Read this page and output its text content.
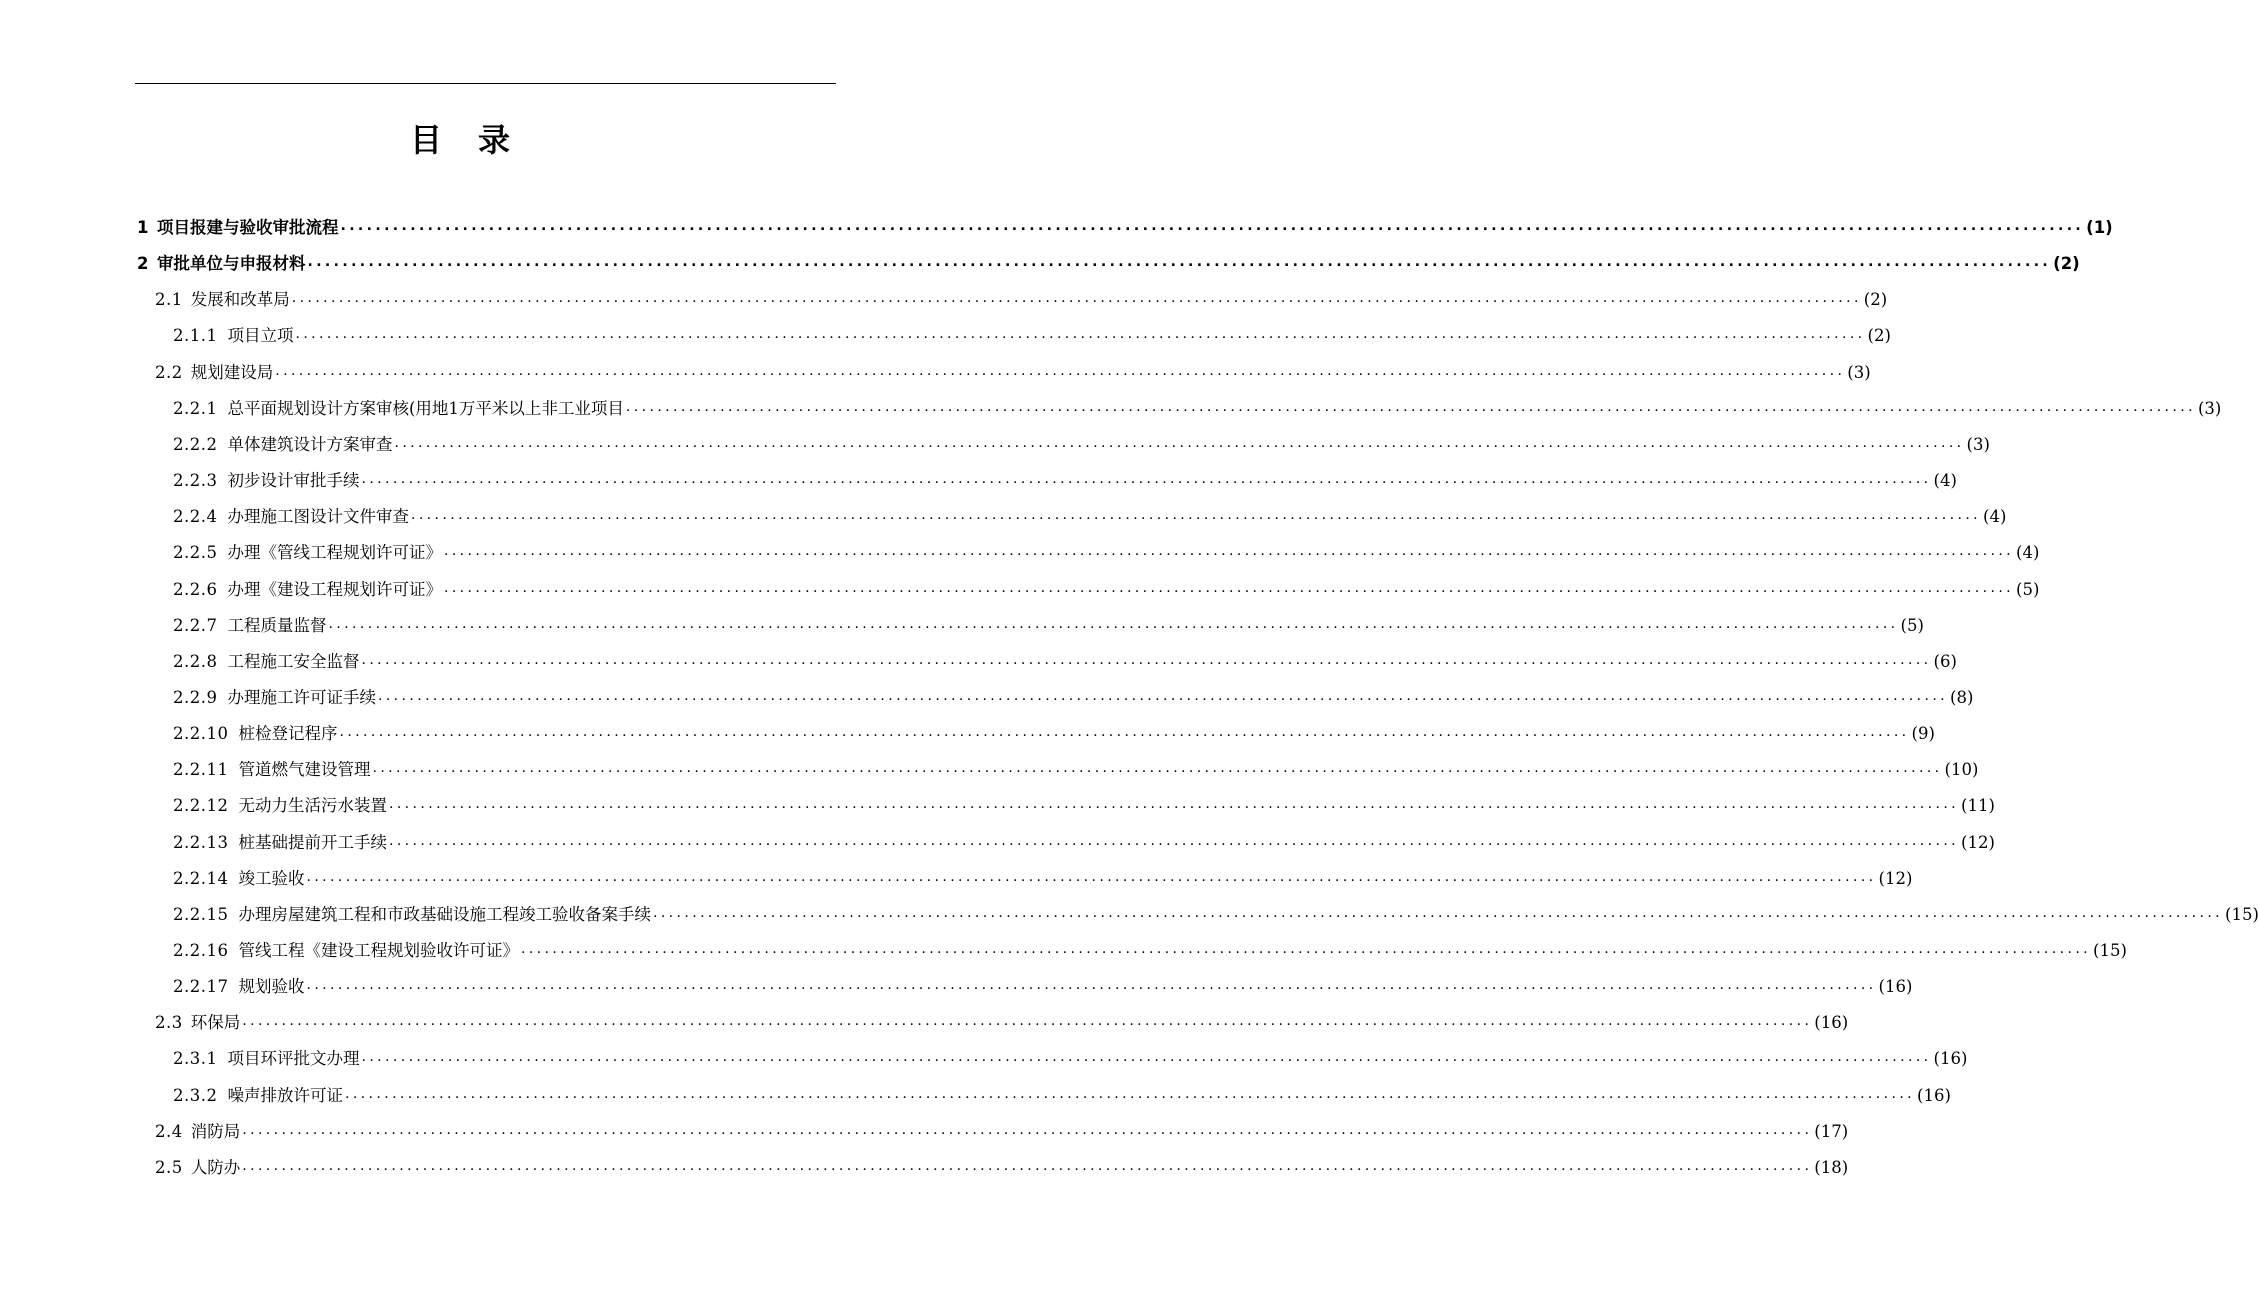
目 录
1 项目报建与验收审批流程 ........................................................................................................................................................................................................ (1)
2 审批单位与申报材料 ........................................................................................................................................................................................................ (2)
2.1 发展和改革局 ........................................................................................................................................................................................................ (2)
2.1.1 项目立项 ........................................................................................................................................................................................................ (2)
2.2 规划建设局 ........................................................................................................................................................................................................ (3)
2.2.1 总平面规划设计方案审核(用地1万平米以上非工业项目 ........................................................................................................................................................................................................ (3)
2.2.2 单体建筑设计方案审查 ........................................................................................................................................................................................................ (3)
2.2.3 初步设计审批手续 ........................................................................................................................................................................................................ (4)
2.2.4 办理施工图设计文件审查 ........................................................................................................................................................................................................ (4)
2.2.5 办理《管线工程规划许可证》 ........................................................................................................................................................................................................ (4)
2.2.6 办理《建设工程规划许可证》 ........................................................................................................................................................................................................ (5)
2.2.7 工程质量监督 ........................................................................................................................................................................................................ (5)
2.2.8 工程施工安全监督 ........................................................................................................................................................................................................ (6)
2.2.9 办理施工许可证手续 ........................................................................................................................................................................................................ (8)
2.2.10 桩检登记程序 ........................................................................................................................................................................................................ (9)
2.2.11 管道燃气建设管理 ........................................................................................................................................................................................................ (10)
2.2.12 无动力生活污水装置 ........................................................................................................................................................................................................ (11)
2.2.13 桩基础提前开工手续 ........................................................................................................................................................................................................ (12)
2.2.14 竣工验收 ........................................................................................................................................................................................................ (12)
2.2.15 办理房屋建筑工程和市政基础设施工程竣工验收备案手续 ........................................................................................................................................................................................................ (15)
2.2.16 管线工程《建设工程规划验收许可证》 ........................................................................................................................................................................................................ (15)
2.2.17 规划验收 ........................................................................................................................................................................................................ (16)
2.3 环保局 ........................................................................................................................................................................................................ (16)
2.3.1 项目环评批文办理 ........................................................................................................................................................................................................ (16)
2.3.2 噪声排放许可证 ........................................................................................................................................................................................................ (16)
2.4 消防局 ........................................................................................................................................................................................................ (17)
2.5 人防办 ........................................................................................................................................................................................................ (18)
